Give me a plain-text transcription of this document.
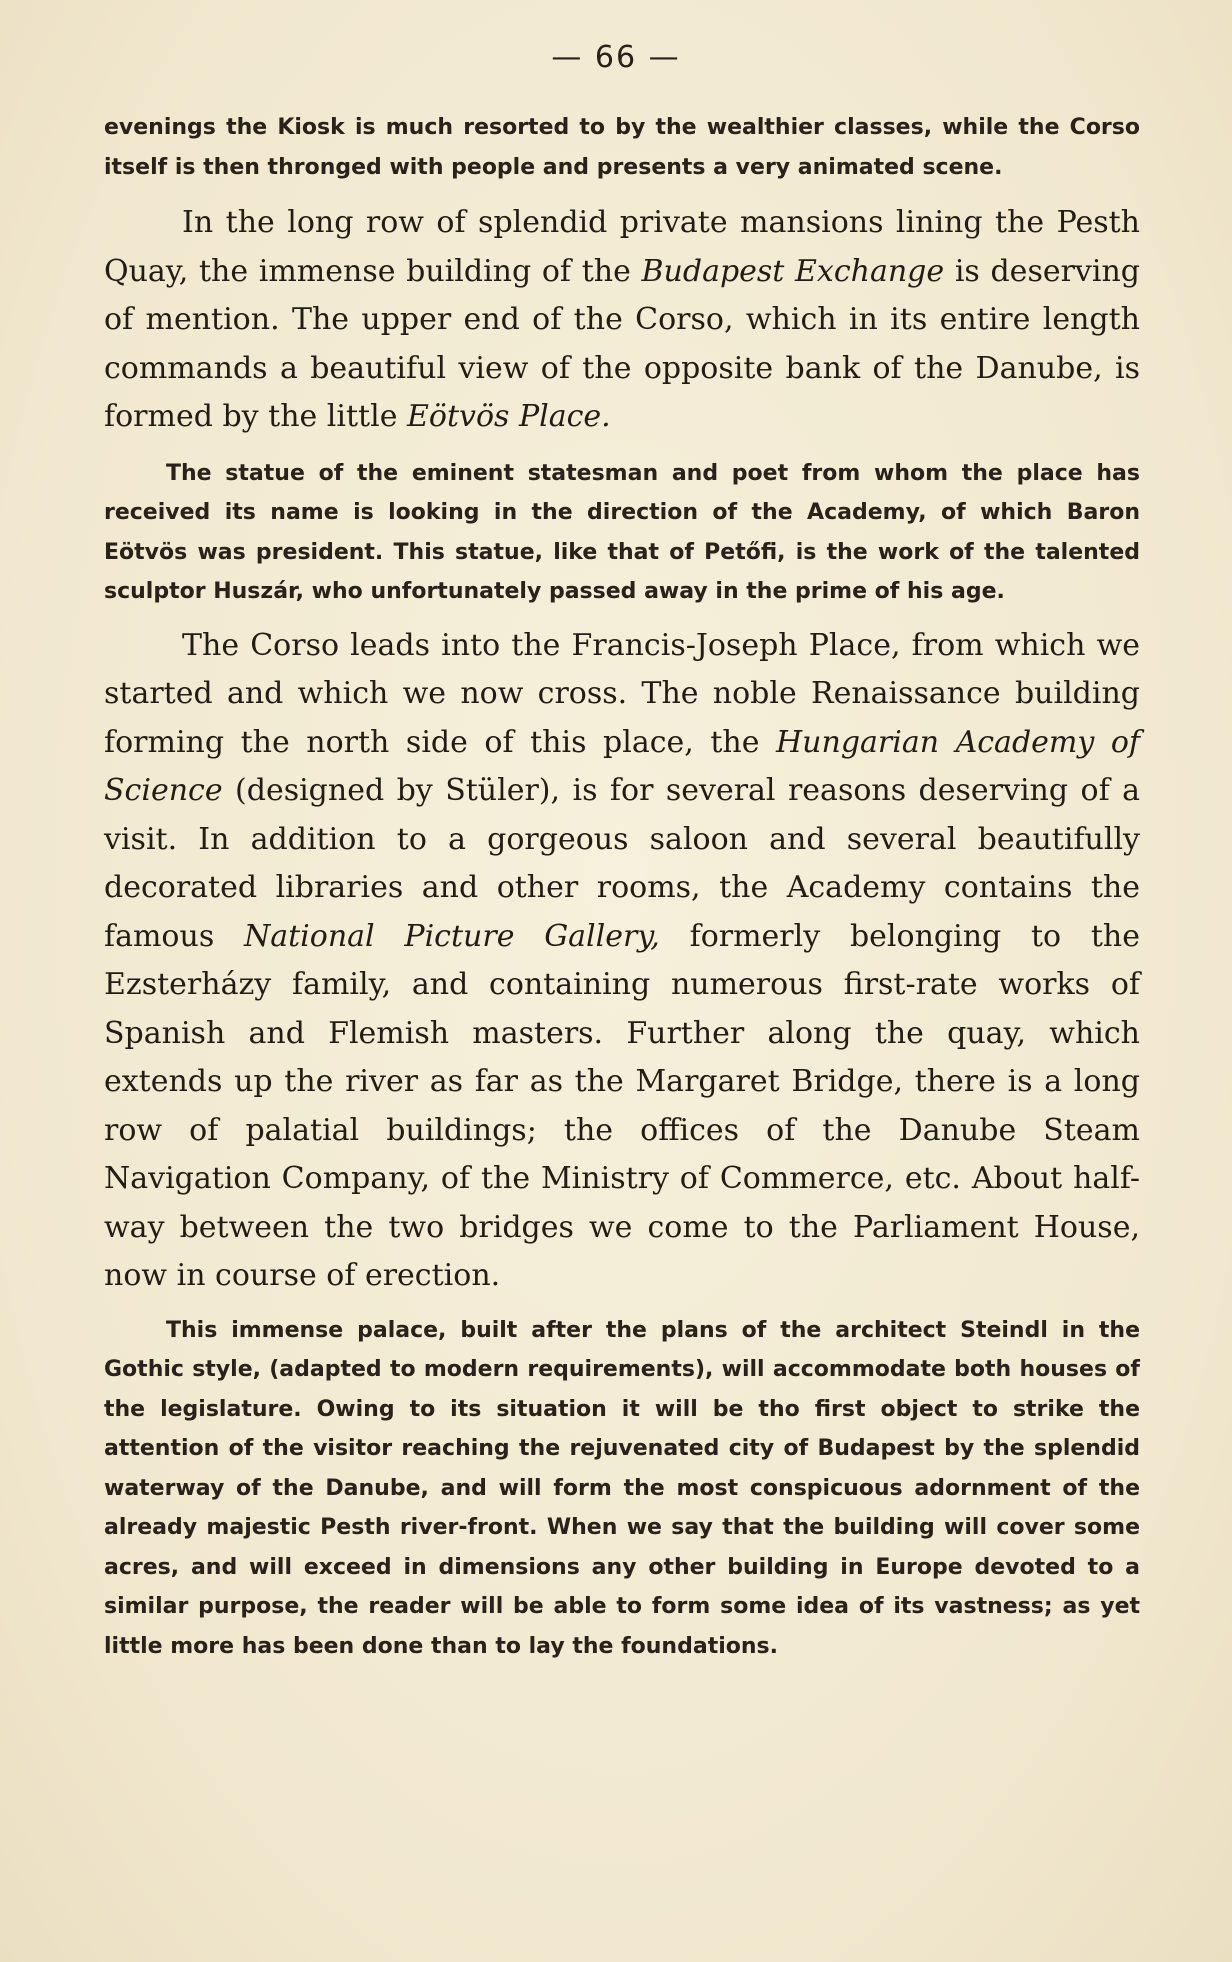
— 66 —

evenings the Kiosk is much resorted to by the wealthier classes, while the Corso itself is then thronged with people and presents a very animated scene.

In the long row of splendid private mansions lining the Pesth Quay, the immense building of the Budapest Exchange is deserving of mention. The upper end of the Corso, which in its entire length commands a beautiful view of the opposite bank of the Danube, is formed by the little Eötvös Place.

The statue of the eminent statesman and poet from whom the place has received its name is looking in the direction of the Academy, of which Baron Eötvös was president. This statue, like that of Petőfi, is the work of the talented sculptor Huszár, who unfortunately passed away in the prime of his age.

The Corso leads into the Francis-Joseph Place, from which we started and which we now cross. The noble Renaissance building forming the north side of this place, the Hungarian Academy of Science (designed by Stüler), is for several reasons deserving of a visit. In addition to a gorgeous saloon and several beautifully decorated libraries and other rooms, the Academy contains the famous National Picture Gallery, formerly belonging to the Ezsterházy family, and containing numerous first-rate works of Spanish and Flemish masters. Further along the quay, which extends up the river as far as the Margaret Bridge, there is a long row of palatial buildings; the offices of the Danube Steam Navigation Company, of the Ministry of Commerce, etc. About half-way between the two bridges we come to the Parliament House, now in course of erection.

This immense palace, built after the plans of the architect Steindl in the Gothic style, (adapted to modern requirements), will accommodate both houses of the legislature. Owing to its situation it will be tho first object to strike the attention of the visitor reaching the rejuvenated city of Budapest by the splendid waterway of the Danube, and will form the most conspicuous adornment of the already majestic Pesth river-front. When we say that the building will cover some acres, and will exceed in dimensions any other building in Europe devoted to a similar purpose, the reader will be able to form some idea of its vastness; as yet little more has been done than to lay the foundations.
